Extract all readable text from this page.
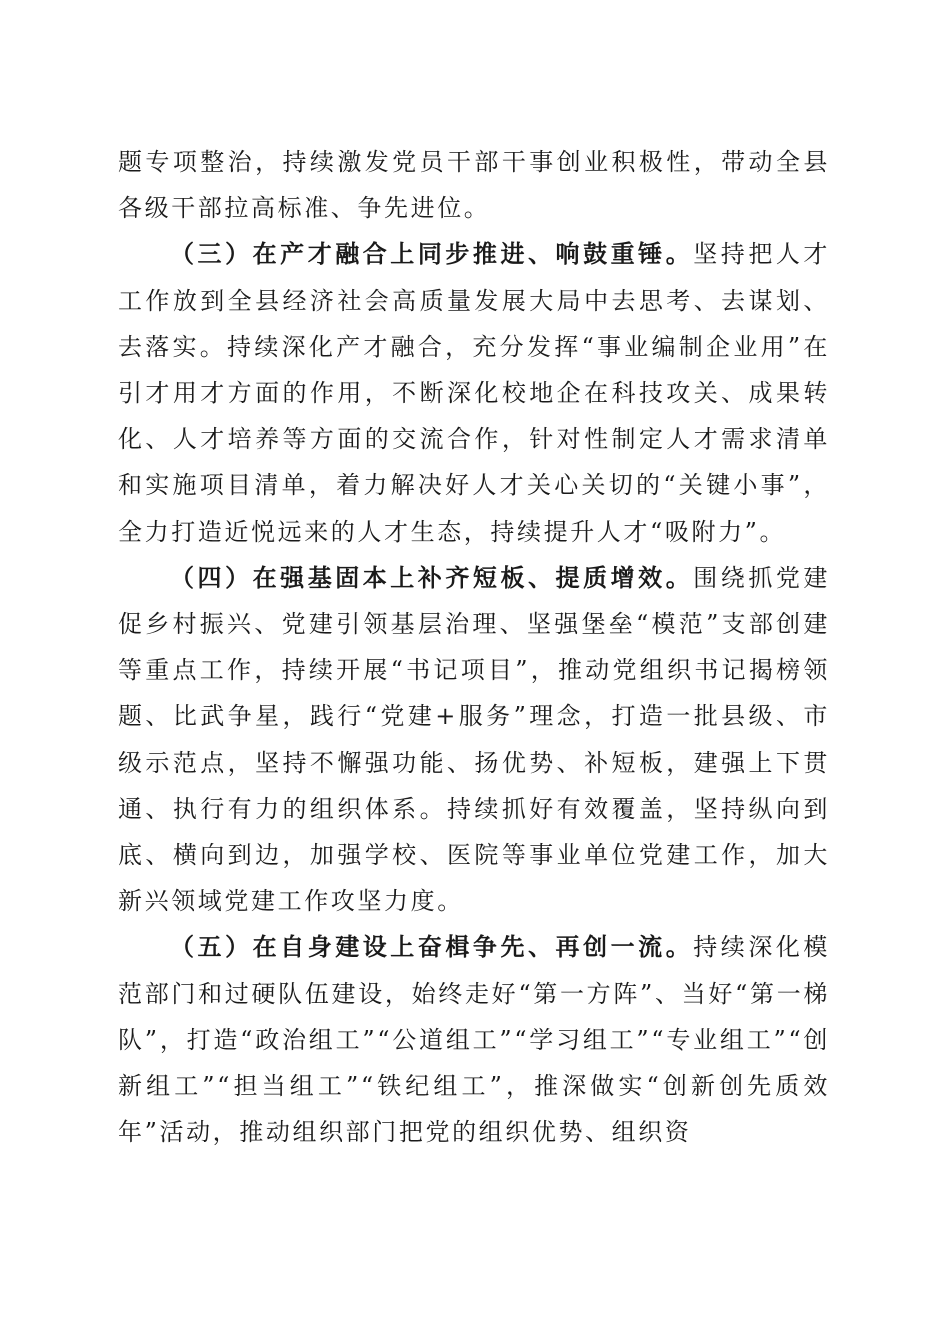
题专项整治，持续激发党员干部干事创业积极性，带动全县各级干部拉高标准、争先进位。

（三）在产才融合上同步推进、响鼓重锤。坚持把人才工作放到全县经济社会高质量发展大局中去思考、去谋划、去落实。持续深化产才融合，充分发挥“事业编制企业用”在引才用才方面的作用，不断深化校地企在科技攻关、成果转化、人才培养等方面的交流合作，针对性制定人才需求清单和实施项目清单，着力解决好人才关心关切的“关键小事”，全力打造近悦远来的人才生态，持续提升人才“吸附力”。

（四）在强基固本上补齐短板、提质增效。围绕抓党建促乡村振兴、党建引领基层治理、坚强堡垒“模范”支部创建等重点工作，持续开展“书记项目”，推动党组织书记揭榜领题、比武争星，践行“党建+服务”理念，打造一批县级、市级示范点，坚持不懈强功能、扬优势、补短板，建强上下贯通、执行有力的组织体系。持续抓好有效覆盖，坚持纵向到底、横向到边，加强学校、医院等事业单位党建工作，加大新兴领域党建工作攻坚力度。

（五）在自身建设上奋楫争先、再创一流。持续深化模范部门和过硬队伍建设，始终走好“第一方阵”、当好“第一梯队”，打造“政治组工”“公道组工”“学习组工”“专业组工”“创新组工”“担当组工”“铁纪组工”，推深做实“创新创先质效年”活动，推动组织部门把党的组织优势、组织资
